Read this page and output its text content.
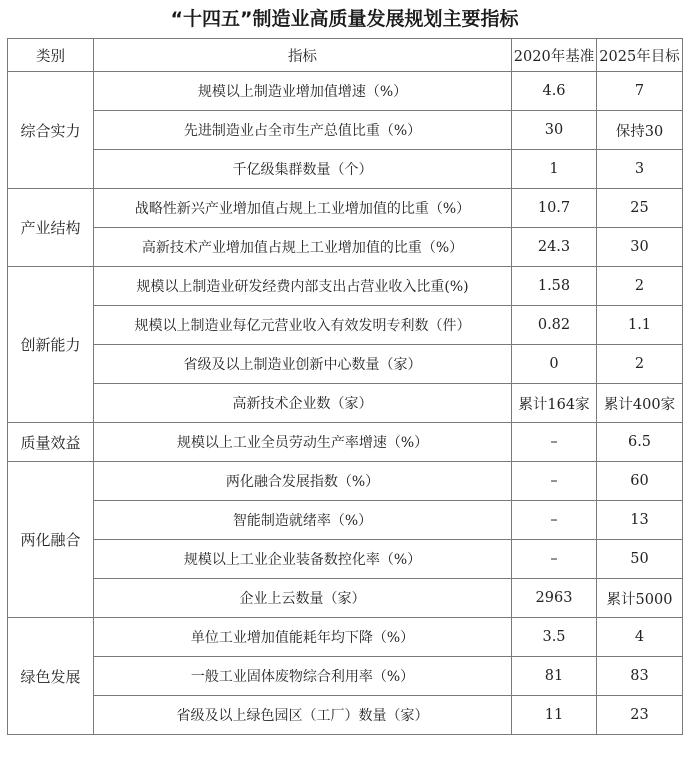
“十四五”制造业高质量发展规划主要指标
类别	指标	2020年基准	2025年目标
综合实力	规模以上制造业增加值增速（%）	4.6	7
	先进制造业占全市生产总值比重（%）	30	保持30
	千亿级集群数量（个）	1	3
产业结构	战略性新兴产业增加值占规上工业增加值的比重（%）	10.7	25
	高新技术产业增加值占规上工业增加值的比重（%）	24.3	30
创新能力	规模以上制造业研发经费内部支出占营业收入比重(%)	1.58	2
	规模以上制造业每亿元营业收入有效发明专利数（件）	0.82	1.1
	省级及以上制造业创新中心数量（家）	0	2
	高新技术企业数（家）	累计164家	累计400家
质量效益	规模以上工业全员劳动生产率增速（%）	–	6.5
两化融合	两化融合发展指数（%）	–	60
	智能制造就绪率（%）	–	13
	规模以上工业企业装备数控化率（%）	–	50
	企业上云数量（家）	2963	累计5000
绿色发展	单位工业增加值能耗年均下降（%）	3.5	4
	一般工业固体废物综合利用率（%）	81	83
	省级及以上绿色园区（工厂）数量（家）	11	23
